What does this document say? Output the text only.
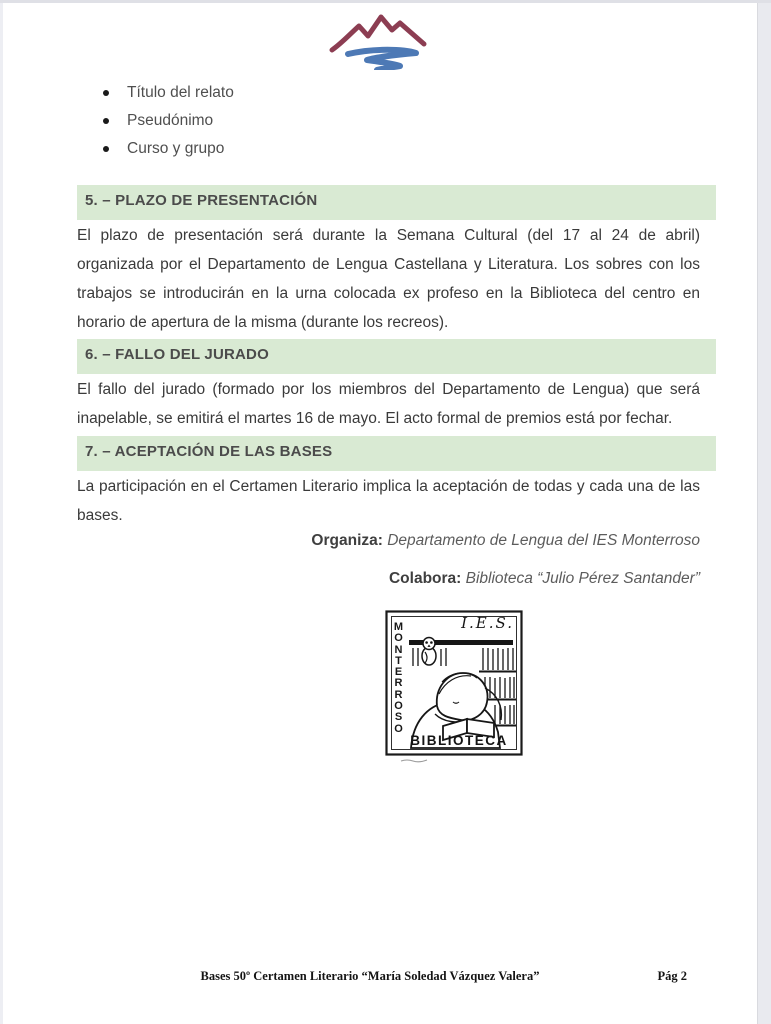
Título del relato
Pseudónimo
Curso y grupo
5. – PLAZO DE PRESENTACIÓN

El plazo de presentación será durante la Semana Cultural (del 17 al 24 de abril) organizada por el Departamento de Lengua Castellana y Literatura. Los sobres con los trabajos se introducirán en la urna colocada ex profeso en la Biblioteca del centro en horario de apertura de la misma (durante los recreos).

6. – FALLO DEL JURADO

El fallo del jurado (formado por los miembros del Departamento de Lengua) que será inapelable, se emitirá el martes 16 de mayo. El acto formal de premios está por fechar.

7. – ACEPTACIÓN DE LAS BASES

La participación en el Certamen Literario implica la aceptación de todas y cada una de las bases.

Organiza: Departamento de Lengua del IES Monterroso
Colabora: Biblioteca “Julio Pérez Santander”
MONTERROSO
I.E.S.
BIBLIOTECA
Bases 50º Certamen Literario “María Soledad Vázquez Valera”	Pág 2
